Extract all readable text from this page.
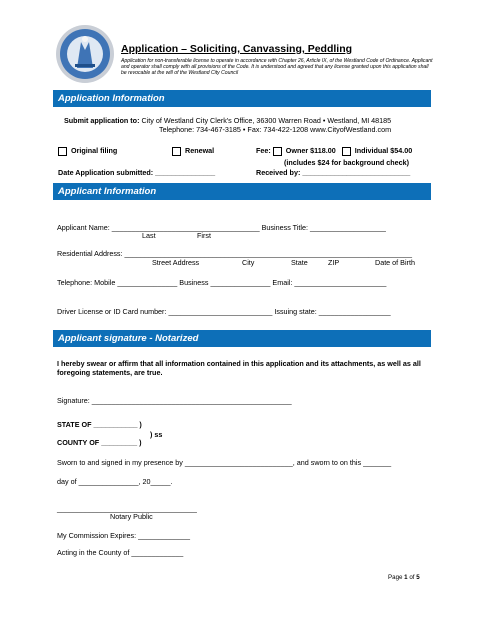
Application – Soliciting, Canvassing, Peddling
Application for non-transferable license to operate in accordance with Chapter 26, Article IX, of the Westland Code of Ordinance. Applicant and operator shall comply with all provisions of the Code. It is understood and agreed that any license granted upon this application shall be revocable at the will of the Westland City Council
Application Information
Submit application to: City of Westland City Clerk's Office, 36300 Warren Road • Westland, MI 48185
Telephone: 734-467-3185 • Fax: 734-422-1208 www.CityofWestland.com
Original filing	Renewal	Fee: Owner $118.00	Individual $54.00
(includes $24 for background check)
Date Application submitted: _______________	Received by: ___________________________
Applicant Information
Applicant Name: _____________________________________ Business Title: ___________________
Last	First
Residential Address: _____________________________________________________________ ___________
Street Address	City	State	ZIP	Date of Birth
Telephone: Mobile _______________ Business _______________ Email: _______________________
Driver License or ID Card number: __________________________ Issuing state: __________________
Applicant signature - Notarized
I hereby swear or affirm that all information contained in this application and its attachments, as well as all foregoing statements, are true.
Signature: __________________________________________________
STATE OF ___________ )
) ss
COUNTY OF _________ )
Sworn to and signed in my presence by ___________________________, and sworn to on this _______
day of _______________, 20_____.
___________________________________
Notary Public
My Commission Expires: _____________
Acting in the County of _____________
Page 1 of 5
